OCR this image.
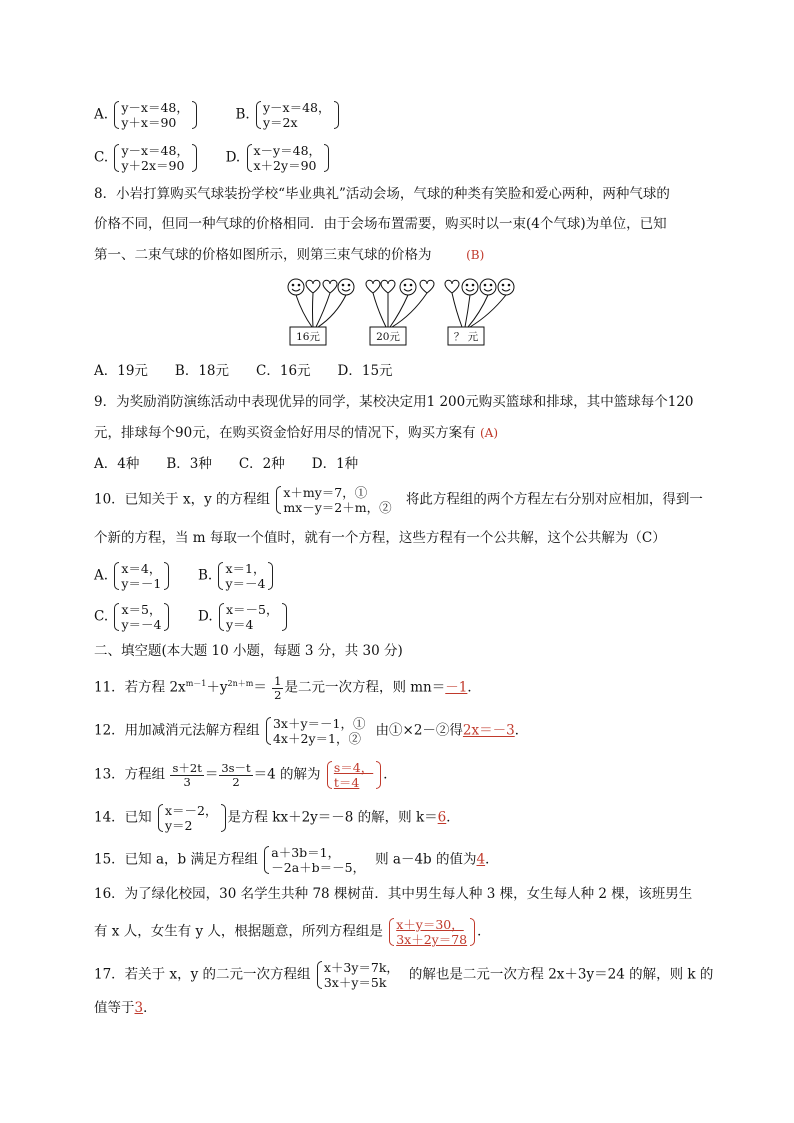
A. y－x＝48，
y＋x＝90	B. y－x＝48，
y＝2x
C. y－x＝48，
y＋2x＝90	D. x－y＝48，
x＋2y＝90
8．小岩打算购买气球装扮学校“毕业典礼”活动会场，气球的种类有笑脸和爱心两种，两种气球的
价格不同，但同一种气球的价格相同．由于会场布置需要，购买时以一束(4个气球)为单位，已知
第一、二束气球的价格如图所示，则第三束气球的价格为	(B)
16元	20元	？ 元
A．19元　　B．18元　　C．16元　　D．15元
9．为奖励消防演练活动中表现优异的同学，某校决定用1 200元购买篮球和排球，其中篮球每个120
元，排球每个90元，在购买资金恰好用尽的情况下，购买方案有 (A)
A．4种　　B．3种　　C．2种　　D．1种
10．已知关于 x，y 的方程组 x＋my＝7，①
mx－y＝2＋m，② 将此方程组的两个方程左右分别对应相加，得到一
个新的方程，当 m 每取一个值时，就有一个方程，这些方程有一个公共解，这个公共解为（C）
A. x＝4，
y＝－1	B. x＝1，
y＝－4
C. x＝5，
y＝－4	D. x＝－5，
y＝4
二、填空题(本大题 10 小题，每题 3 分，共 30 分)
11．若方程 $2x^{m-1}+y^{2n+m}= \frac{1}{2}$ 是二元一次方程，则 mn＝－1．
12．用加减消元法解方程组 3x＋y＝－1，①
4x＋2y＝1，②	由①×2－②得2x＝－3．
13．方程组 $\frac{s+2t}{3} = \frac{3s-t}{2} =4$ 的解为 $\frac{s=4,}{t=4}$ ．
14．已知 x＝－2，
y＝2	是方程 kx＋2y＝－8 的解，则 k＝6．
15．已知 a，b 满足方程组 a＋3b＝1，
－2a＋b＝－5， 则 a－4b 的值为4．
16．为了绿化校园，30 名学生共种 78 棵树苗．其中男生每人种 3 棵，女生每人种 2 棵，该班男生
有 x 人，女生有 y 人，根据题意，所列方程组是 $\frac{x+y=30,}{3x+2y=78}$ ．
17．若关于 x，y 的二元一次方程组 x＋3y＝7k，
3x＋y＝5k	的解也是二元一次方程 2x＋3y＝24 的解，则 k 的
值等于3．
